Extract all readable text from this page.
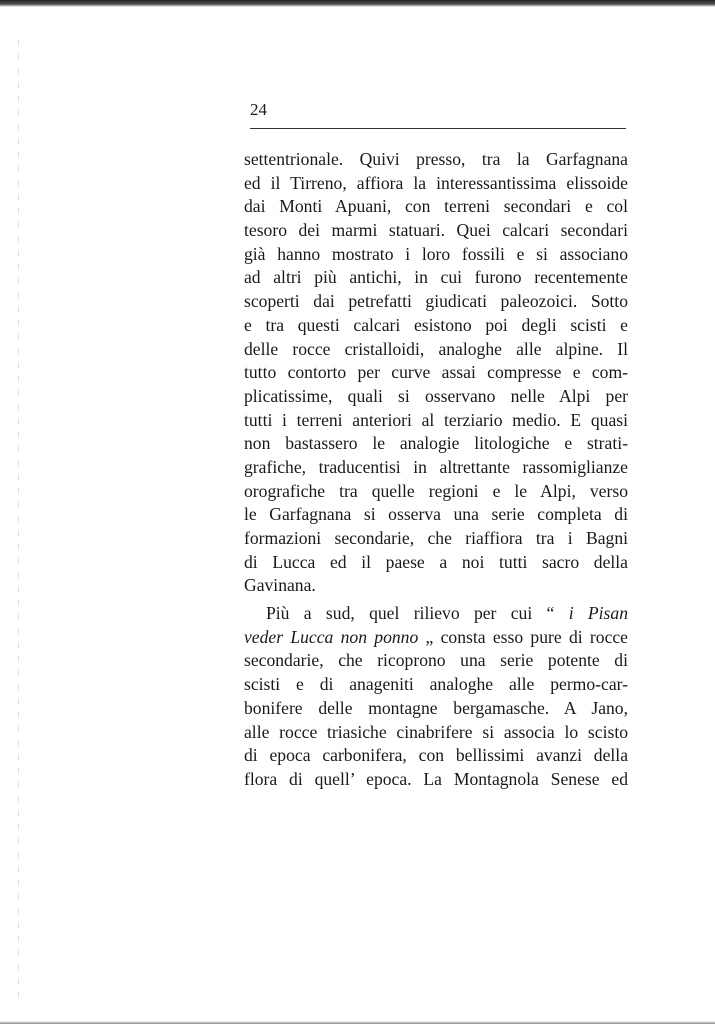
24
settentrionale. Quivi presso, tra la Garfagnana
ed il Tirreno, affiora la interessantissima elissoide
dai Monti Apuani, con terreni secondari e col
tesoro dei marmi statuari. Quei calcari secondari
già hanno mostrato i loro fossili e si associano
ad altri più antichi, in cui furono recentemente
scoperti dai petrefatti giudicati paleozoici. Sotto
e tra questi calcari esistono poi degli scisti e
delle rocce cristalloidi, analoghe alle alpine. Il
tutto contorto per curve assai compresse e com-
plicatissime, quali si osservano nelle Alpi per
tutti i terreni anteriori al terziario medio. E quasi
non bastassero le analogie litologiche e strati-
grafiche, traducentisi in altrettante rassomiglianze
orografiche tra quelle regioni e le Alpi, verso
le Garfagnana si osserva una serie completa di
formazioni secondarie, che riaffiora tra i Bagni
di Lucca ed il paese a noi tutti sacro della
Gavinana.
Più a sud, quel rilievo per cui “ i Pisan
veder Lucca non ponno „ consta esso pure di rocce
secondarie, che ricoprono una serie potente di
scisti e di anageniti analoghe alle permo-car-
bonifere delle montagne bergamasche. A Jano,
alle rocce triasiche cinabrifere si associa lo scisto
di epoca carbonifera, con bellissimi avanzi della
flora di quell’ epoca. La Montagnola Senese ed
